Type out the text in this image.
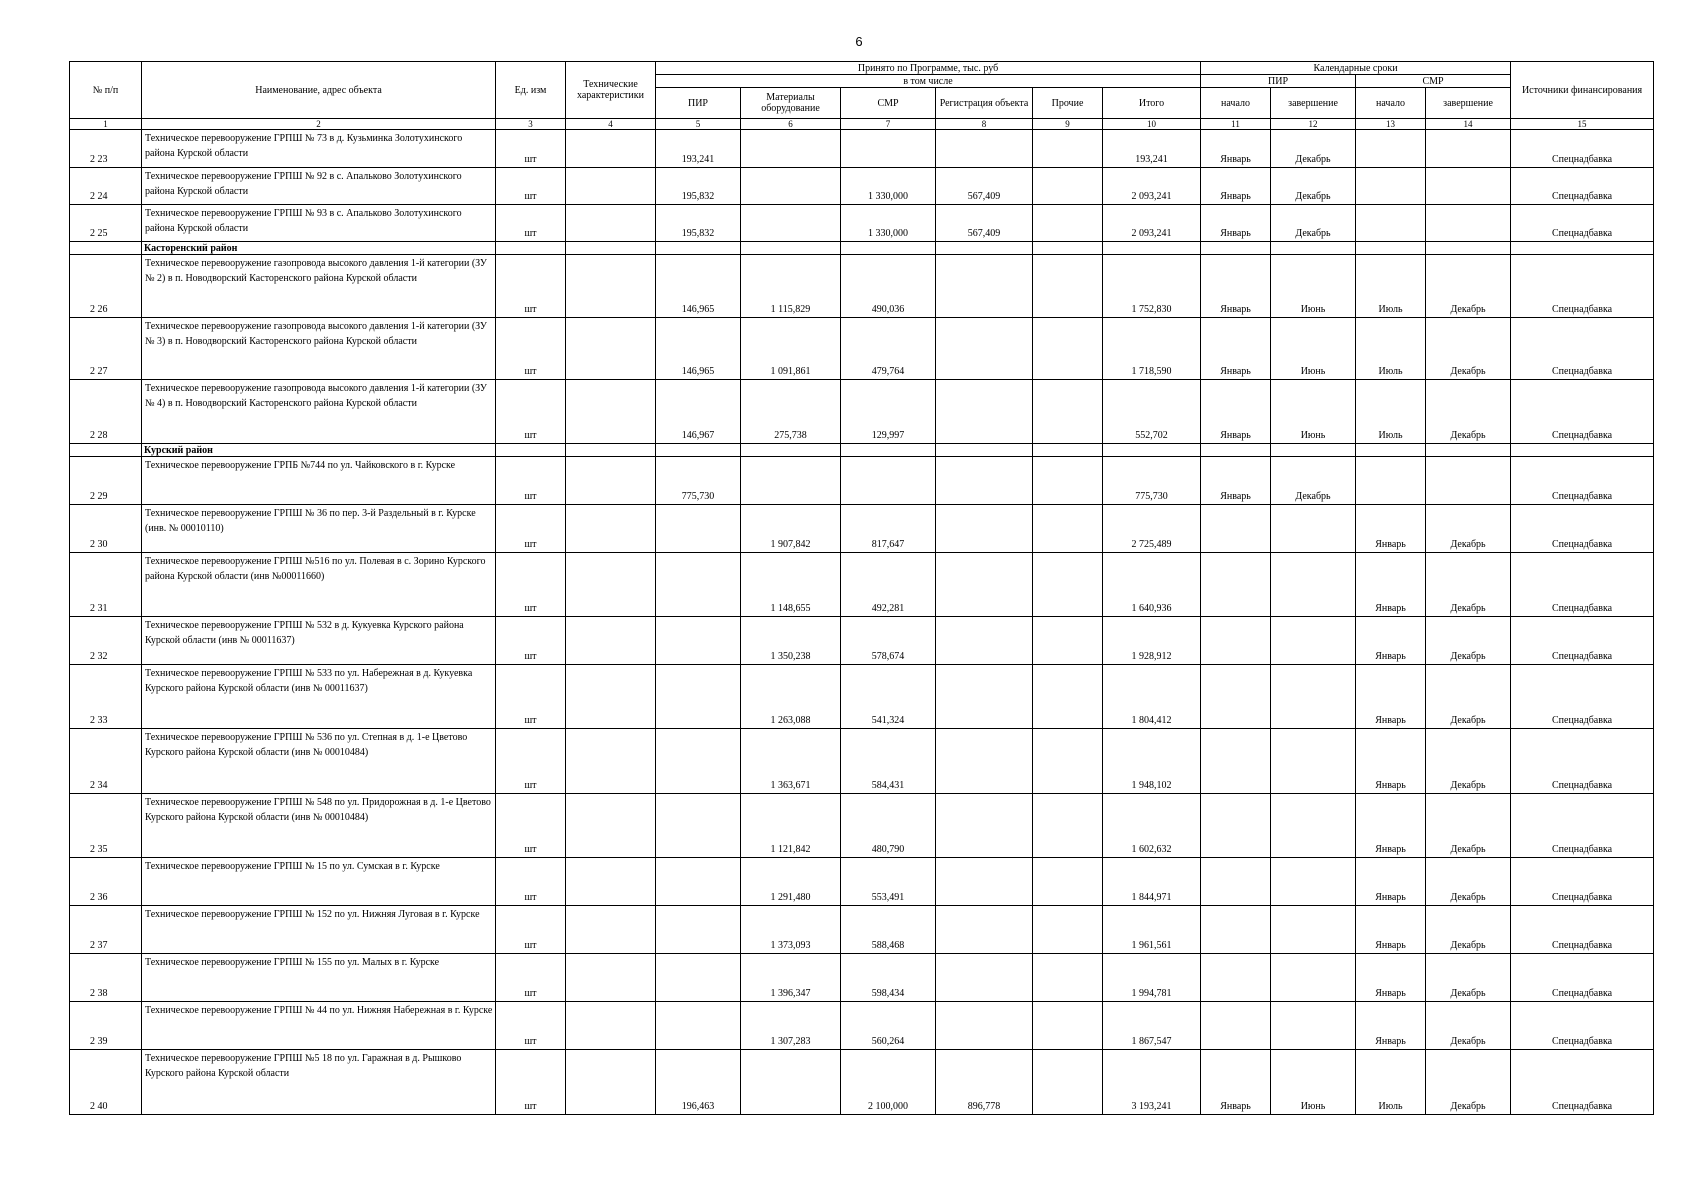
6
№ п/п	Наименование, адрес объекта	Ед. изм	Технические характеристики	Принято по Программе, тыс. руб						Календарные сроки				Источники финансирования
				в том числе						ПИР		СМР		
				ПИР	Материалы оборудование	СМР	Регистрация объекта	Прочие	Итого	начало	завершение	начало	завершение	
1	2	3	4	5	6	7	8	9	10	11	12	13	14	15
2 23	Техническое перевооружение ГРПШ № 73 в д. Кузьминка Золотухинского района Курской области	шт		193,241					193,241	Январь	Декабрь			Спецнадбавка
2 24	Техническое перевооружение ГРПШ № 92 в с. Апальково Золотухинского района Курской области	шт		195,832		1 330,000	567,409		2 093,241	Январь	Декабрь			Спецнадбавка
2 25	Техническое перевооружение ГРПШ № 93 в с. Апальково Золотухинского района Курской области	шт		195,832		1 330,000	567,409		2 093,241	Январь	Декабрь			Спецнадбавка
	Касторенский район													
2 26	Техническое перевооружение газопровода высокого давления 1-й категории (ЗУ № 2) в п. Новодворский Касторенского района Курской области	шт		146,965	1 115,829	490,036			1 752,830	Январь	Июнь	Июль	Декабрь	Спецнадбавка
2 27	Техническое перевооружение газопровода высокого давления 1-й категории (ЗУ № 3) в п. Новодворский Касторенского района Курской области	шт		146,965	1 091,861	479,764			1 718,590	Январь	Июнь	Июль	Декабрь	Спецнадбавка
2 28	Техническое перевооружение газопровода высокого давления 1-й категории (ЗУ № 4) в п. Новодворский Касторенского района Курской области	шт		146,967	275,738	129,997			552,702	Январь	Июнь	Июль	Декабрь	Спецнадбавка
	Курский район													
2 29	Техническое перевооружение ГРПБ №744 по ул. Чайковского в г. Курске	шт		775,730					775,730	Январь	Декабрь			Спецнадбавка
2 30	Техническое перевооружение ГРПШ № 36 по пер. 3-й Раздельный в г. Курске (инв. № 00010110)	шт			1 907,842	817,647			2 725,489			Январь	Декабрь	Спецнадбавка
2 31	Техническое перевооружение ГРПШ №516 по ул. Полевая в с. Зорино Курского района Курской области (инв №00011660)	шт			1 148,655	492,281			1 640,936			Январь	Декабрь	Спецнадбавка
2 32	Техническое перевооружение ГРПШ № 532 в д. Кукуевка Курского района Курской области (инв № 00011637)	шт			1 350,238	578,674			1 928,912			Январь	Декабрь	Спецнадбавка
2 33	Техническое перевооружение ГРПШ № 533 по ул. Набережная в д. Кукуевка Курского района Курской области (инв № 00011637)	шт			1 263,088	541,324			1 804,412			Январь	Декабрь	Спецнадбавка
2 34	Техническое перевооружение ГРПШ № 536 по ул. Степная в д. 1-е Цветово Курского района Курской области (инв № 00010484)	шт			1 363,671	584,431			1 948,102			Январь	Декабрь	Спецнадбавка
2 35	Техническое перевооружение ГРПШ № 548 по ул. Придорожная в д. 1-е Цветово Курского района Курской области (инв № 00010484)	шт			1 121,842	480,790			1 602,632			Январь	Декабрь	Спецнадбавка
2 36	Техническое перевооружение ГРПШ № 15 по ул. Сумская в г. Курске	шт			1 291,480	553,491			1 844,971			Январь	Декабрь	Спецнадбавка
2 37	Техническое перевооружение ГРПШ № 152 по ул. Нижняя Луговая в г. Курске	шт			1 373,093	588,468			1 961,561			Январь	Декабрь	Спецнадбавка
2 38	Техническое перевооружение ГРПШ № 155 по ул. Малых в г. Курске	шт			1 396,347	598,434			1 994,781			Январь	Декабрь	Спецнадбавка
2 39	Техническое перевооружение ГРПШ № 44 по ул. Нижняя Набережная в г. Курске	шт			1 307,283	560,264			1 867,547			Январь	Декабрь	Спецнадбавка
2 40	Техническое перевооружение ГРПШ №5 18 по ул. Гаражная в д. Рышково Курского района Курской области	шт		196,463		2 100,000	896,778		3 193,241	Январь	Июнь	Июль	Декабрь	Спецнадбавка
